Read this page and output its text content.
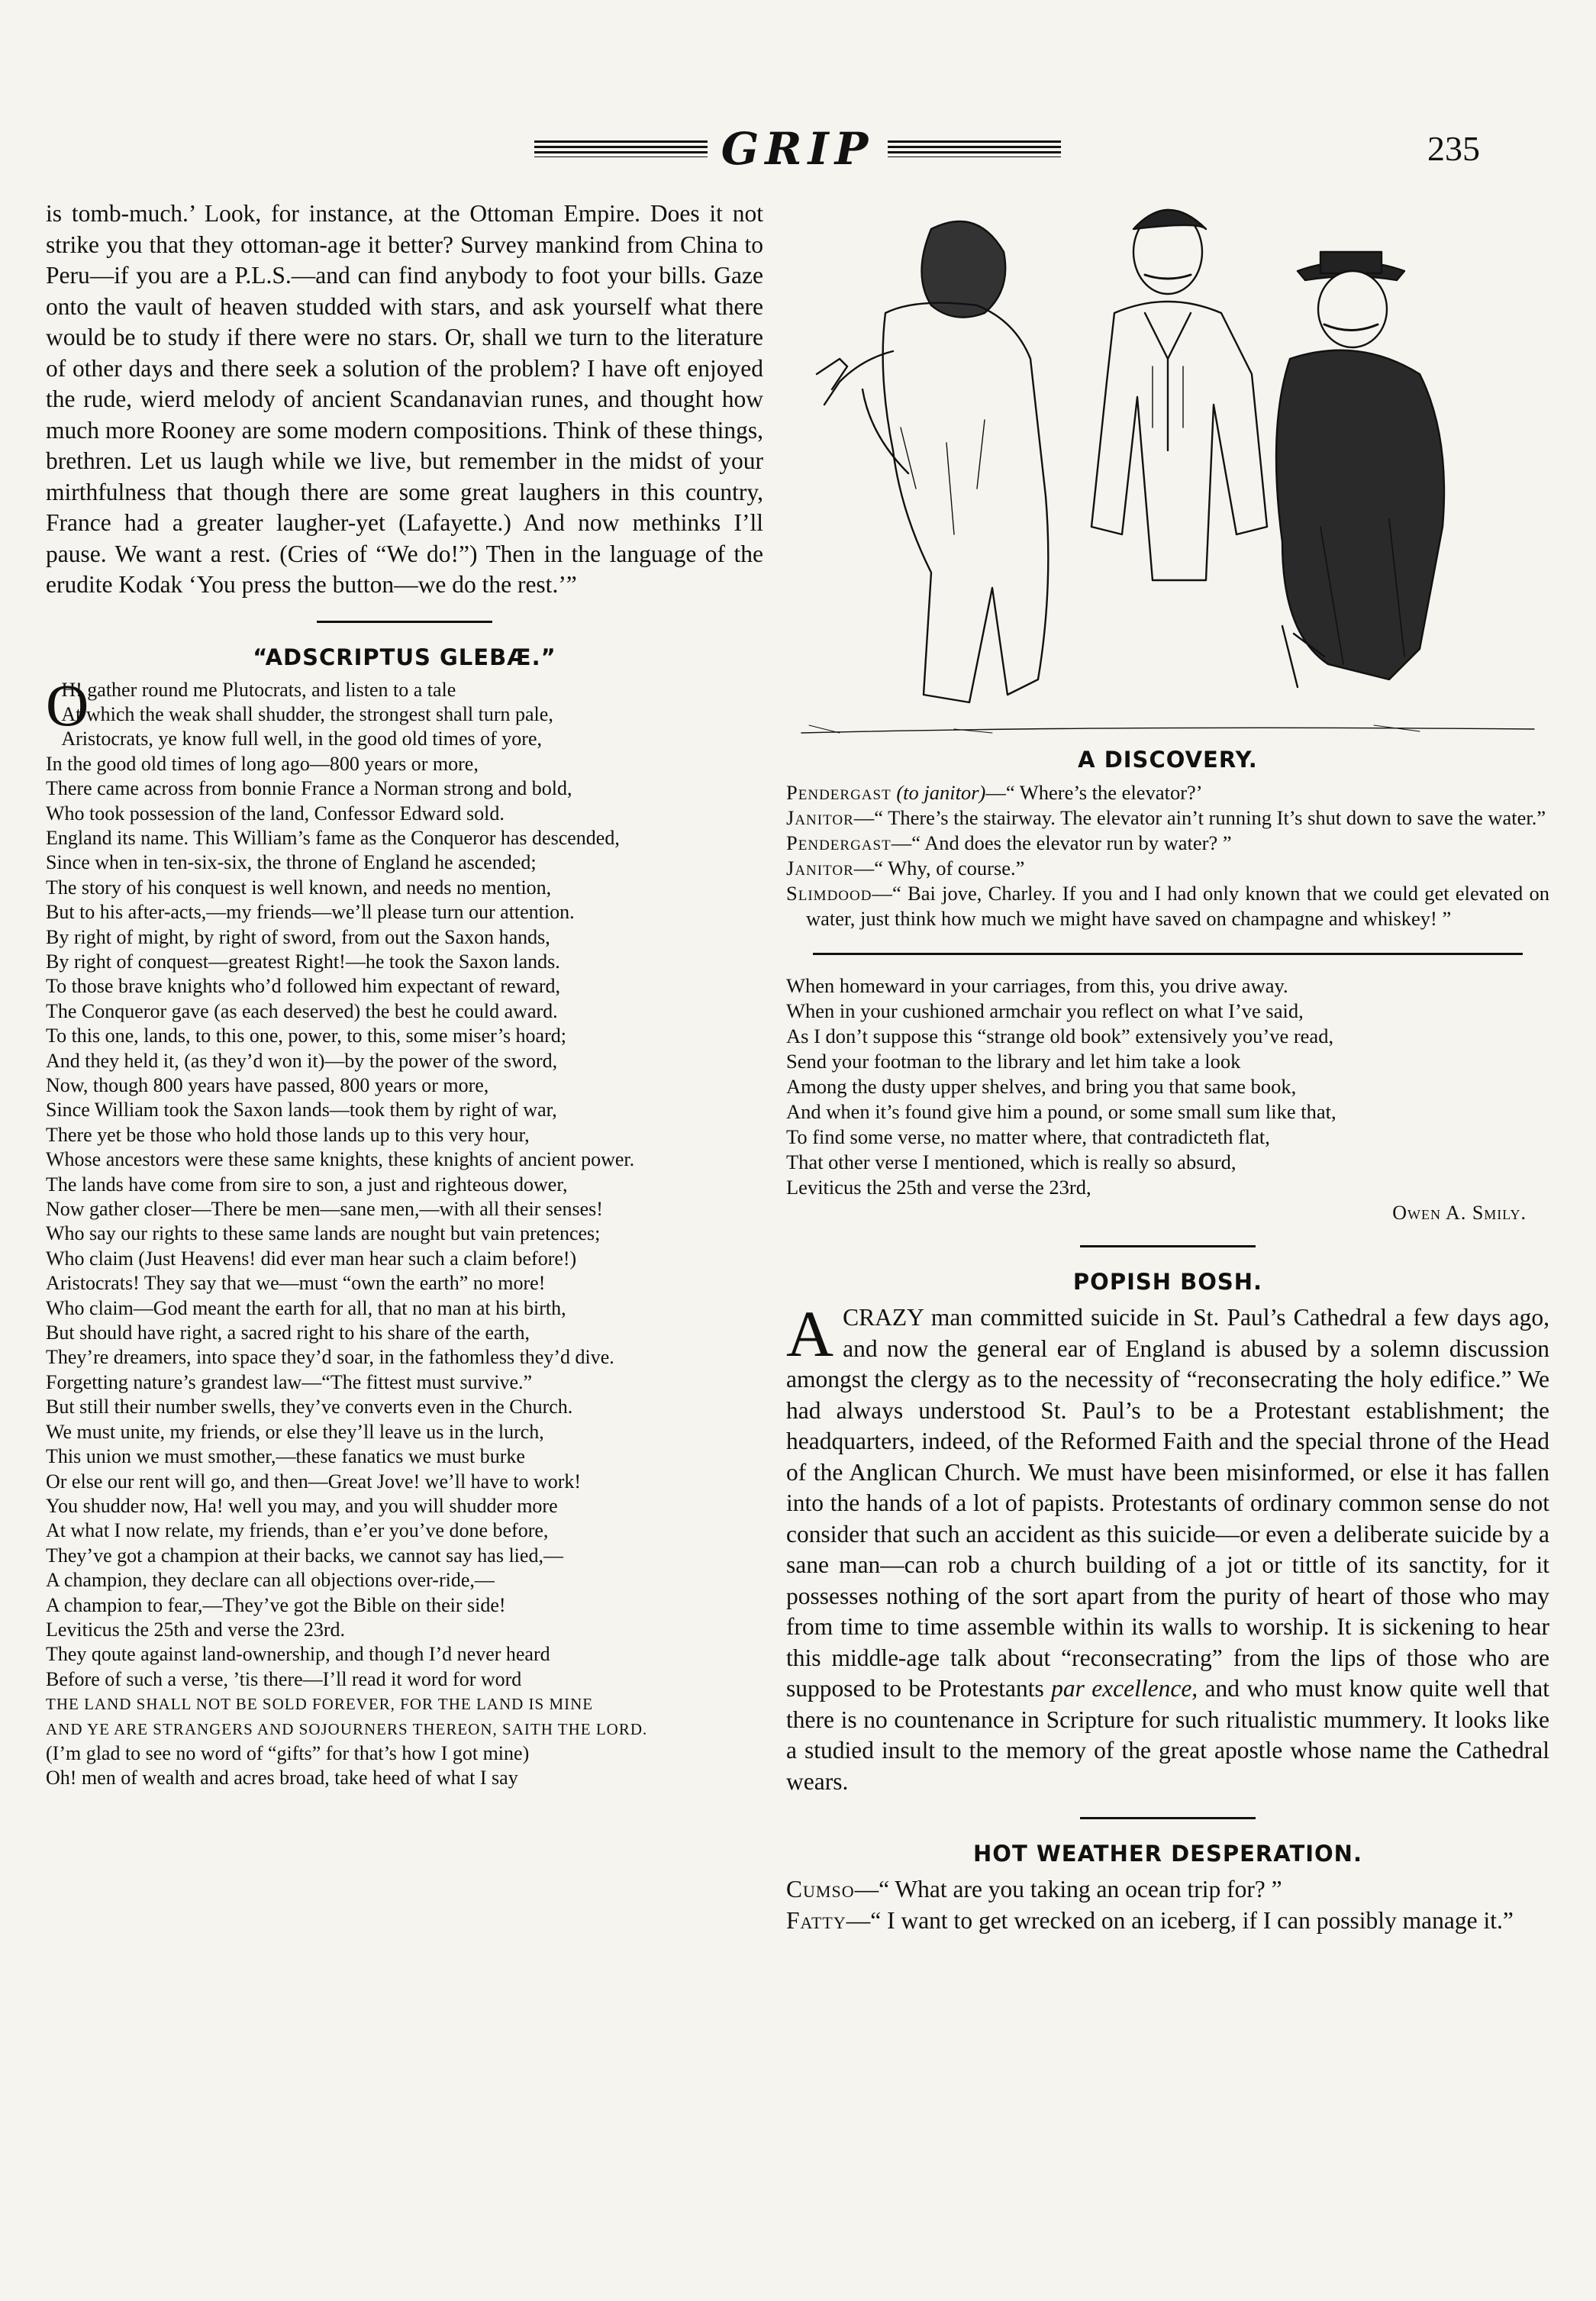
GRIP	235

is tomb-much.’ Look, for instance, at the Ottoman Empire. Does it not strike you that they ottoman-age it better? Survey mankind from China to Peru—if you are a P.L.S.—and can find anybody to foot your bills. Gaze onto the vault of heaven studded with stars, and ask yourself what there would be to study if there were no stars. Or, shall we turn to the literature of other days and there seek a solution of the problem? I have oft enjoyed the rude, wierd melody of ancient Scandanavian runes, and thought how much more Rooney are some modern compositions. Think of these things, brethren. Let us laugh while we live, but remember in the midst of your mirthfulness that though there are some great laughers in this country, France had a greater laugher-yet (Lafayette.) And now methinks I’ll pause. We want a rest. (Cries of “We do!”) Then in the language of the erudite Kodak ‘You press the button—we do the rest.’”

“ADSCRIPTUS GLEBÆ.”
O
H! gather round me Plutocrats, and listen to a tale
At which the weak shall shudder, the strongest shall turn pale,
Aristocrats, ye know full well, in the good old times of yore,
In the good old times of long ago—800 years or more,
There came across from bonnie France a Norman strong and bold,
Who took possession of the land, Confessor Edward sold.
England its name. This William’s fame as the Conqueror has descended,
Since when in ten-six-six, the throne of England he ascended;
The story of his conquest is well known, and needs no mention,
But to his after-acts,—my friends—we’ll please turn our attention.
By right of might, by right of sword, from out the Saxon hands,
By right of conquest—greatest Right!—he took the Saxon lands.
To those brave knights who’d followed him expectant of reward,
The Conqueror gave (as each deserved) the best he could award.
To this one, lands, to this one, power, to this, some miser’s hoard;
And they held it, (as they’d won it)—by the power of the sword,
Now, though 800 years have passed, 800 years or more,
Since William took the Saxon lands—took them by right of war,
There yet be those who hold those lands up to this very hour,
Whose ancestors were these same knights, these knights of ancient power.
The lands have come from sire to son, a just and righteous dower,
Now gather closer—There be men—sane men,—with all their senses!
Who say our rights to these same lands are nought but vain pretences;
Who claim (Just Heavens! did ever man hear such a claim before!)
Aristocrats! They say that we—must “own the earth” no more!
Who claim—God meant the earth for all, that no man at his birth,
But should have right, a sacred right to his share of the earth,
They’re dreamers, into space they’d soar, in the fathomless they’d dive.
Forgetting nature’s grandest law—“The fittest must survive.”
But still their number swells, they’ve converts even in the Church.
We must unite, my friends, or else they’ll leave us in the lurch,
This union we must smother,—these fanatics we must burke
Or else our rent will go, and then—Great Jove! we’ll have to work!
You shudder now, Ha! well you may, and you will shudder more
At what I now relate, my friends, than e’er you’ve done before,
They’ve got a champion at their backs, we cannot say has lied,—
A champion, they declare can all objections over-ride,—
A champion to fear,—They’ve got the Bible on their side!
Leviticus the 25th and verse the 23rd.
They qoute against land-ownership, and though I’d never heard
Before of such a verse, ’tis there—I’ll read it word for word
THE LAND SHALL NOT BE SOLD FOREVER, FOR THE LAND IS MINE
AND YE ARE STRANGERS AND SOJOURNERS THEREON, SAITH THE LORD.
(I’m glad to see no word of “gifts” for that’s how I got mine)
Oh! men of wealth and acres broad, take heed of what I say
A DISCOVERY.
Pendergast (to janitor)—“ Where’s the elevator?’
Janitor—“ There’s the stairway. The elevator ain’t running It’s shut down to save the water.”
Pendergast—“ And does the elevator run by water? ”
Janitor—“ Why, of course.”
Slimdood—“ Bai jove, Charley. If you and I had only known that we could get elevated on water, just think how much we might have saved on champagne and whiskey! ”
When homeward in your carriages, from this, you drive away.
When in your cushioned armchair you reflect on what I’ve said,
As I don’t suppose this “strange old book” extensively you’ve read,
Send your footman to the library and let him take a look
Among the dusty upper shelves, and bring you that same book,
And when it’s found give him a pound, or some small sum like that,
To find some verse, no matter where, that contradicteth flat,
That other verse I mentioned, which is really so absurd,
Leviticus the 25th and verse the 23rd,
Owen A. Smily.
POPISH BOSH.

ACRAZY man committed suicide in St. Paul’s Cathedral a few days ago, and now the general ear of England is abused by a solemn discussion amongst the clergy as to the necessity of “reconsecrating the holy edifice.” We had always understood St. Paul’s to be a Protestant establishment; the headquarters, indeed, of the Reformed Faith and the special throne of the Head of the Anglican Church. We must have been misinformed, or else it has fallen into the hands of a lot of papists. Protestants of ordinary common sense do not consider that such an accident as this suicide—or even a deliberate suicide by a sane man—can rob a church building of a jot or tittle of its sanctity, for it possesses nothing of the sort apart from the purity of heart of those who may from time to time assemble within its walls to worship. It is sickening to hear this middle-age talk about “reconsecrating” from the lips of those who are supposed to be Protestants par excellence, and who must know quite well that there is no countenance in Scripture for such ritualistic mummery. It looks like a studied insult to the memory of the great apostle whose name the Cathedral wears.

HOT WEATHER DESPERATION.
Cumso—“ What are you taking an ocean trip for? ”
Fatty—“ I want to get wrecked on an iceberg, if I can possibly manage it.”
